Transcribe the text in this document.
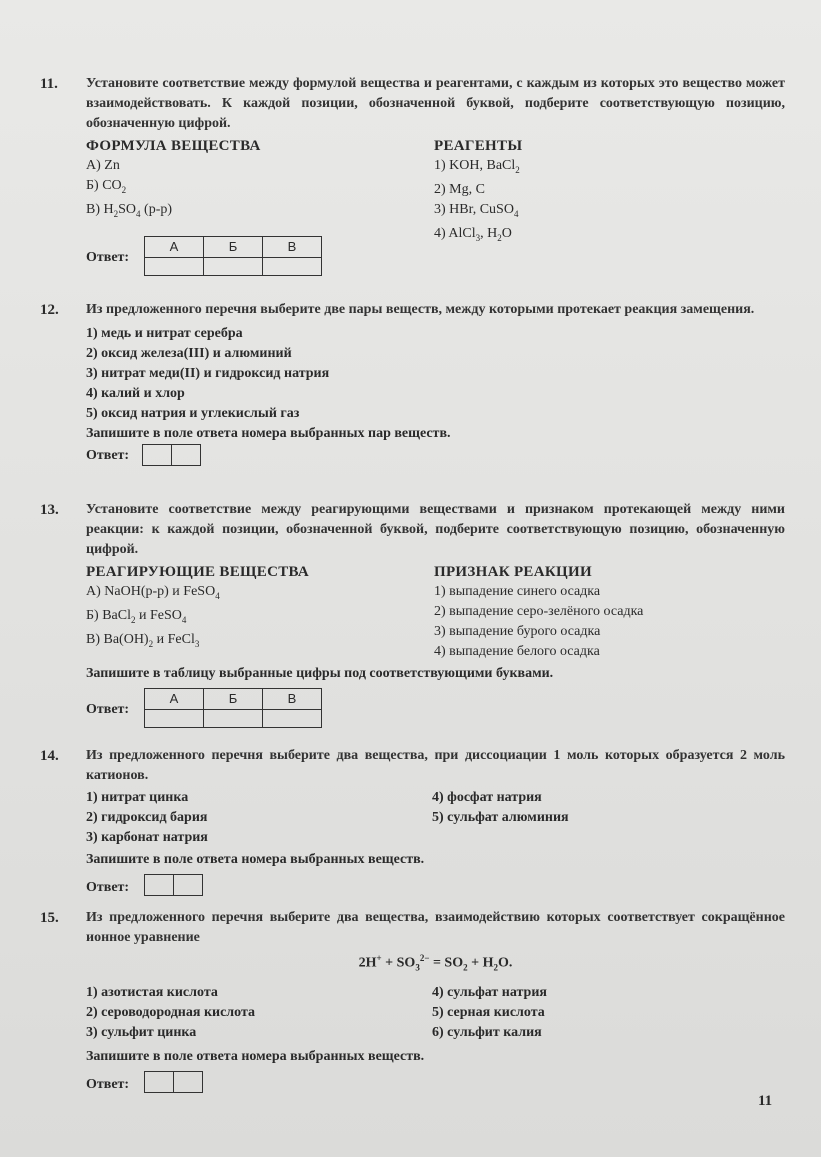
11. Установите соответствие между формулой вещества и реагентами, с каждым из которых это вещество может взаимодействовать. К каждой позиции, обозначенной буквой, подберите соответствующую позицию, обозначенную цифрой.
ФОРМУЛА ВЕЩЕСТВА
А) Zn
Б) $CO_2$
В) $H_2SO_4$ (р-р)
РЕАГЕНТЫ
1) KOH, BaCl$_2$
2) Mg, C
3) HBr, CuSO$_4$
4) AlCl$_3$, $H_2O$
Ответ:
А	Б	В

12. Из предложенного перечня выберите две пары веществ, между которыми протекает реакция замещения.
1) медь и нитрат серебра
2) оксид железа(III) и алюминий
3) нитрат меди(II) и гидроксид натрия
4) калий и хлор
5) оксид натрия и углекислый газ
Запишите в поле ответа номера выбранных пар веществ.
Ответ:
13. Установите соответствие между реагирующими веществами и признаком протекающей между ними реакции: к каждой позиции, обозначенной буквой, подберите соответствующую позицию, обозначенную цифрой.
РЕАГИРУЮЩИЕ ВЕЩЕСТВА
А) NaOH(р-р) и FeSO$_4$
Б) BaCl$_2$ и FeSO$_4$
В) $Ba(OH)_2$ и FeCl$_3$
ПРИЗНАК РЕАКЦИИ
1) выпадение синего осадка
2) выпадение серо-зелёного осадка
3) выпадение бурого осадка
4) выпадение белого осадка
Запишите в таблицу выбранные цифры под соответствующими буквами.
Ответ:
А	Б	В

14. Из предложенного перечня выберите два вещества, при диссоциации 1 моль которых образуется 2 моль катионов.
1) нитрат цинка
2) гидроксид бария
3) карбонат натрия
4) фосфат натрия
5) сульфат алюминия
Запишите в поле ответа номера выбранных веществ.
Ответ:
15. Из предложенного перечня выберите два вещества, взаимодействию которых соответствует сокращённое ионное уравнение
$2H^+ + SO_3^{2-} = SO_2 + H_2O$.
1) азотистая кислота
2) сероводородная кислота
3) сульфит цинка
4) сульфат натрия
5) серная кислота
6) сульфит калия
Запишите в поле ответа номера выбранных веществ.
Ответ:
11
